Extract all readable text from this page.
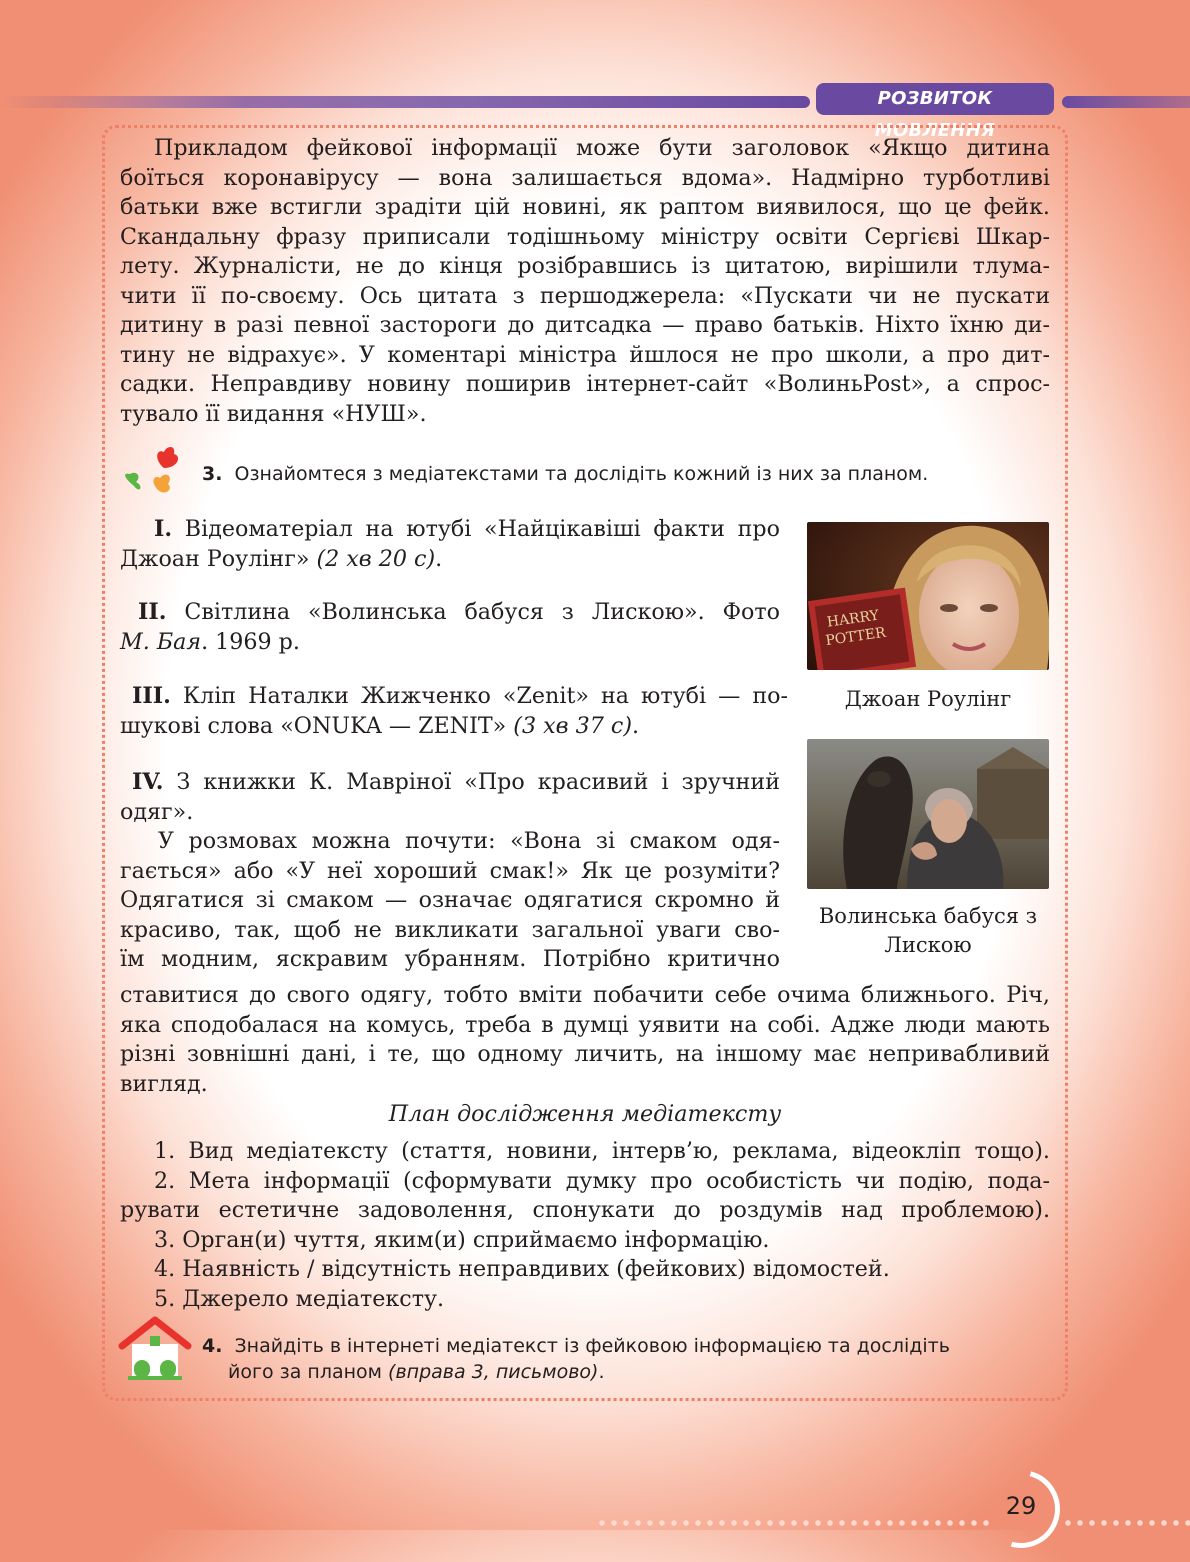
РОЗВИТОК МОВЛЕННЯ
Прикладом фейкової інформації може бути заголовок «Якщо дитина
боїться коронавірусу — вона залишається вдома». Надмірно турботливі
батьки вже встигли зрадіти цій новині, як раптом виявилося, що це фейк.
Скандальну фразу приписали тодішньому міністру освіти Сергієві Шкар-
лету. Журналісти, не до кінця розібравшись із цитатою, вирішили тлума-
чити її по-своєму. Ось цитата з першоджерела: «Пускати чи не пускати
дитину в разі певної застороги до дитсадка — право батьків. Ніхто їхню ди-
тину не відрахує». У коментарі міністра йшлося не про школи, а про дит-
садки. Неправдиву новину поширив інтернет-сайт «ВолиньPost», а спрос-
тувало її видання «НУШ».
3. Ознайомтеся з медіатекстами та дослідіть кожний із них за планом.
I. Відеоматеріал на ютубі «Найцікавіші факти про
Джоан Роулінг» (2 хв 20 с).
II. Світлина «Волинська бабуся з Лискою». Фото
М. Бая. 1969 р.
III. Кліп Наталки Жижченко «Zenit» на ютубі — по-
шукові слова «ONUKA — ZENIT» (3 хв 37 с).
IV. З книжки К. Мавріної «Про красивий і зручний
одяг».
У розмовах можна почути: «Вона зі смаком одя-
гається» або «У неї хороший смак!» Як це розуміти?
Одягатися зі смаком — означає одягатися скромно й
красиво, так, щоб не викликати загальної уваги сво-
їм модним, яскравим убранням. Потрібно критично
ставитися до свого одягу, тобто вміти побачити себе очима ближнього. Річ,
яка сподобалася на комусь, треба в думці уявити на собі. Адже люди мають
різні зовнішні дані, і те, що одному личить, на іншому має непривабливий
вигляд.
HARRY
POTTER
Джоан Роулінг
Волинська бабуся з
Лискою
План дослідження медіатексту
1. Вид медіатексту (стаття, новини, інтерв’ю, реклама, відеокліп тощо).
2. Мета інформації (сформувати думку про особистість чи подію, пода-
рувати естетичне задоволення, спонукати до роздумів над проблемою).
3. Орган(и) чуття, яким(и) сприймаємо інформацію.
4. Наявність / відсутність неправдивих (фейкових) відомостей.
5. Джерело медіатексту.
4. Знайдіть в інтернеті медіатекст із фейковою інформацією та дослідіть
його за планом (вправа 3, письмово).
29
